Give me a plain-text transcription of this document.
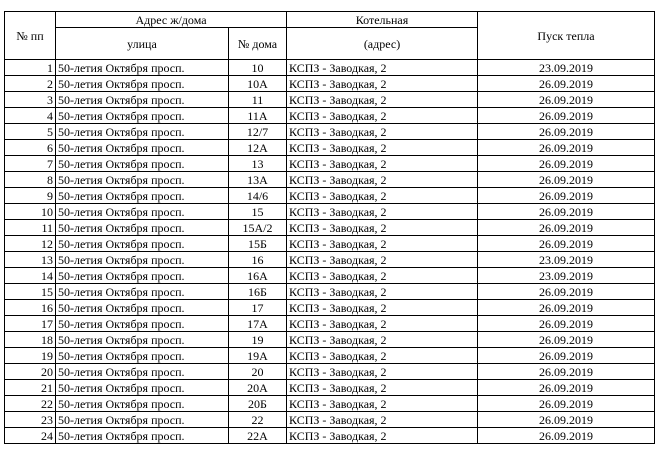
№ пп	Адрес ж/дома		Котельная	Пуск тепла
	улица	№ дома	(адрес)	
1	50-летия Октября просп.	10	КСПЗ - Заводкая, 2	23.09.2019
2	50-летия Октября просп.	10А	КСПЗ - Заводкая, 2	26.09.2019
3	50-летия Октября просп.	11	КСПЗ - Заводкая, 2	26.09.2019
4	50-летия Октября просп.	11А	КСПЗ - Заводкая, 2	26.09.2019
5	50-летия Октября просп.	12/7	КСПЗ - Заводкая, 2	26.09.2019
6	50-летия Октября просп.	12А	КСПЗ - Заводкая, 2	26.09.2019
7	50-летия Октября просп.	13	КСПЗ - Заводкая, 2	26.09.2019
8	50-летия Октября просп.	13А	КСПЗ - Заводкая, 2	26.09.2019
9	50-летия Октября просп.	14/6	КСПЗ - Заводкая, 2	26.09.2019
10	50-летия Октября просп.	15	КСПЗ - Заводкая, 2	26.09.2019
11	50-летия Октября просп.	15А/2	КСПЗ - Заводкая, 2	26.09.2019
12	50-летия Октября просп.	15Б	КСПЗ - Заводкая, 2	26.09.2019
13	50-летия Октября просп.	16	КСПЗ - Заводкая, 2	23.09.2019
14	50-летия Октября просп.	16А	КСПЗ - Заводкая, 2	23.09.2019
15	50-летия Октября просп.	16Б	КСПЗ - Заводкая, 2	26.09.2019
16	50-летия Октября просп.	17	КСПЗ - Заводкая, 2	26.09.2019
17	50-летия Октября просп.	17А	КСПЗ - Заводкая, 2	26.09.2019
18	50-летия Октября просп.	19	КСПЗ - Заводкая, 2	26.09.2019
19	50-летия Октября просп.	19А	КСПЗ - Заводкая, 2	26.09.2019
20	50-летия Октября просп.	20	КСПЗ - Заводкая, 2	26.09.2019
21	50-летия Октября просп.	20А	КСПЗ - Заводкая, 2	26.09.2019
22	50-летия Октября просп.	20Б	КСПЗ - Заводкая, 2	26.09.2019
23	50-летия Октября просп.	22	КСПЗ - Заводкая, 2	26.09.2019
24	50-летия Октября просп.	22А	КСПЗ - Заводкая, 2	26.09.2019
